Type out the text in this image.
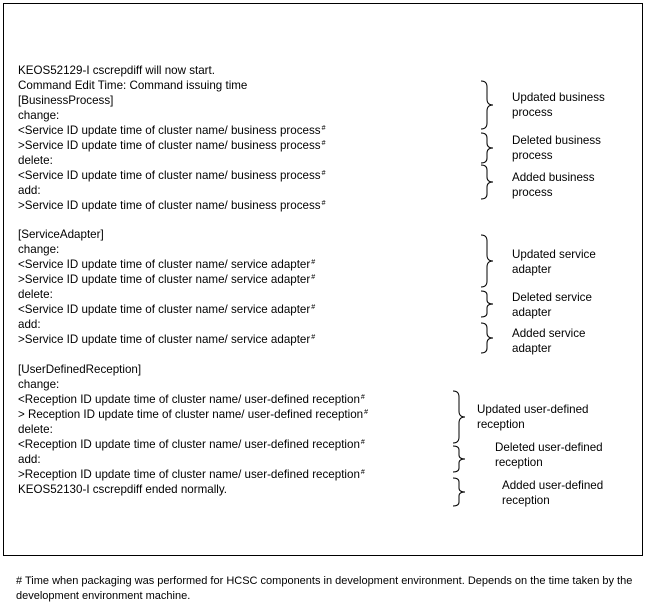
KEOS52129-I cscrepdiff will now start.
Command Edit Time: Command issuing time
[BusinessProcess]
change:
<Service ID update time of cluster name/ business process#
>Service ID update time of cluster name/ business process#
delete:
<Service ID update time of cluster name/ business process#
add:
>Service ID update time of cluster name/ business process#
[ServiceAdapter]
change:
<Service ID update time of cluster name/ service adapter#
>Service ID update time of cluster name/ service adapter#
delete:
<Service ID update time of cluster name/ service adapter#
add:
>Service ID update time of cluster name/ service adapter#
[UserDefinedReception]
change:
<Reception ID update time of cluster name/ user-defined reception#
> Reception ID update time of cluster name/ user-defined reception#
delete:
<Reception ID update time of cluster name/ user-defined reception#
add:
>Reception ID update time of cluster name/ user-defined reception#
KEOS52130-I cscrepdiff ended normally.
Updated business process
Deleted business process
Added business process
Updated service adapter
Deleted service adapter
Added service adapter
Updated user-defined reception
Deleted user-defined reception
Added user-defined reception
# Time when packaging was performed for HCSC components in development environment. Depends on the time taken by the development environment machine.
